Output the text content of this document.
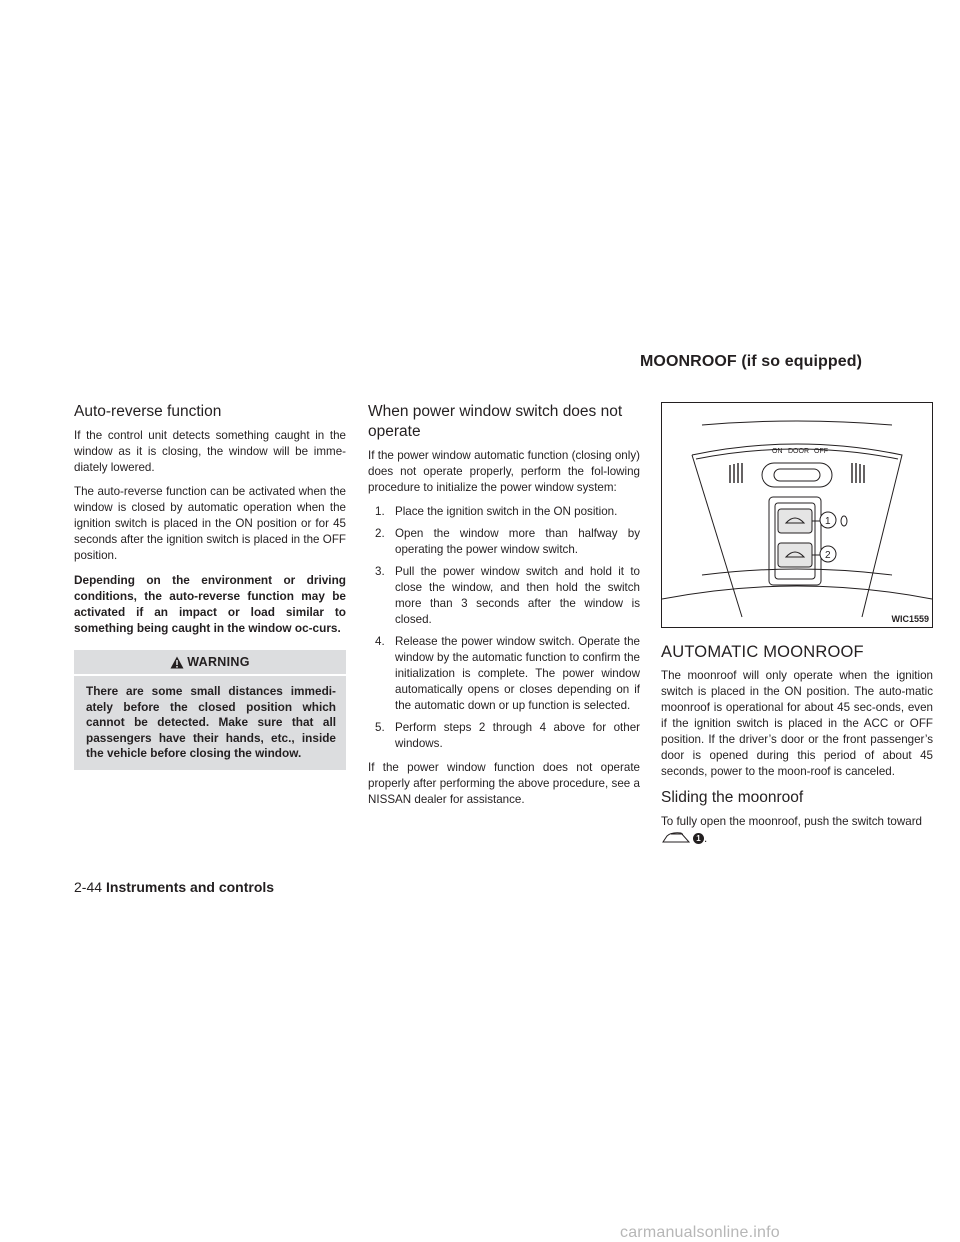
MOONROOF (if so equipped)
Auto-reverse function

If the control unit detects something caught in the window as it is closing, the window will be imme-diately lowered.

The auto-reverse function can be activated when the window is closed by automatic operation when the ignition switch is placed in the ON position or for 45 seconds after the ignition switch is placed in the OFF position.

Depending on the environment or driving conditions, the auto-reverse function may be activated if an impact or load similar to something being caught in the window oc-curs.

WARNING
There are some small distances immedi-ately before the closed position which cannot be detected. Make sure that all passengers have their hands, etc., inside the vehicle before closing the window.
When power window switch does not operate

If the power window automatic function (closing only) does not operate properly, perform the fol-lowing procedure to initialize the power window system:

1. Place the ignition switch in the ON position.
2. Open the window more than halfway by operating the power window switch.
3. Pull the power window switch and hold it to close the window, and then hold the switch more than 3 seconds after the window is closed.
4. Release the power window switch. Operate the window by the automatic function to confirm the initialization is complete. The power window automatically opens or closes depending on if the automatic down or up function is selected.
5. Perform steps 2 through 4 above for other windows.

If the power window function does not operate properly after performing the above procedure, see a NISSAN dealer for assistance.

ON DOOR OFF
1
2
WIC1559
AUTOMATIC MOONROOF

The moonroof will only operate when the ignition switch is placed in the ON position. The auto-matic moonroof is operational for about 45 sec-onds, even if the ignition switch is placed in the ACC or OFF position. If the driver’s door or the front passenger’s door is opened during this period of about 45 seconds, power to the moon-roof is canceled.

Sliding the moonroof

To fully open the moonroof, push the switch toward 1 .

2-44 Instruments and controls
carmanualsonline.info
